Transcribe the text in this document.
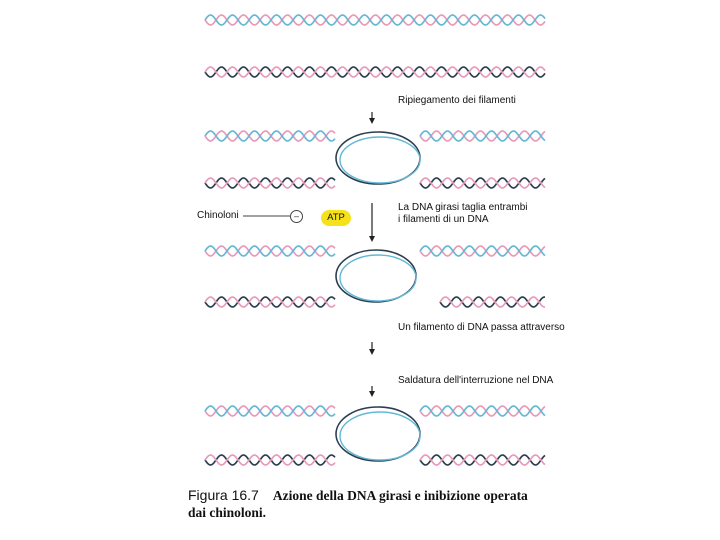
Ripiegamento dei filamenti
La DNA girasi taglia entrambi
i filamenti di un DNA
Un filamento di DNA passa attraverso
Saldatura dell'interruzione nel DNA
Chinoloni	–	ATP
Figura 16.7 Azione della DNA girasi e inibizione operata
dai chinoloni.
